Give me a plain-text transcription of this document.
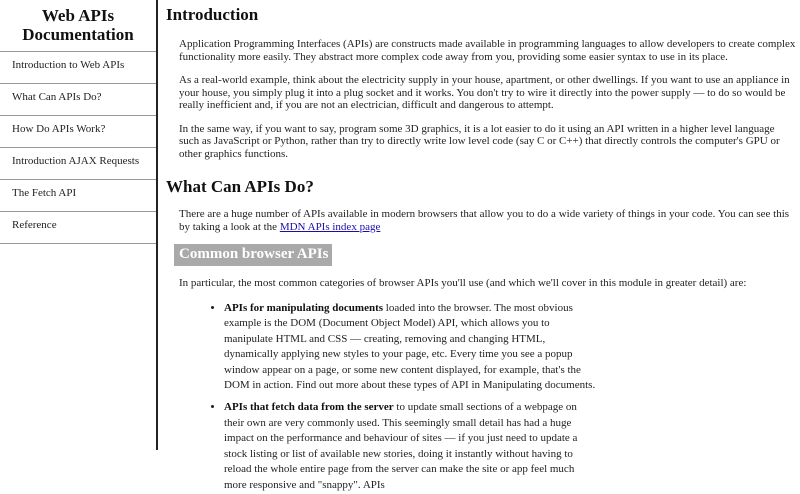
Web APIs
Documentation
Introduction to Web APIs
What Can APIs Do?
How Do APIs Work?
Introduction AJAX Requests
The Fetch API
Reference
Introduction

Application Programming Interfaces (APIs) are constructs made available in programming languages to allow developers to create complex functionality more easily. They abstract more complex code away from you, providing some easier syntax to use in its place.

As a real-world example, think about the electricity supply in your house, apartment, or other dwellings. If you want to use an appliance in your house, you simply plug it into a plug socket and it works. You don't try to wire it directly into the power supply — to do so would be really inefficient and, if you are not an electrician, difficult and dangerous to attempt.

In the same way, if you want to say, program some 3D graphics, it is a lot easier to do it using an API written in a higher level language such as JavaScript or Python, rather than try to directly write low level code (say C or C++) that directly controls the computer's GPU or other graphics functions.

What Can APIs Do?

There are a huge number of APIs available in modern browsers that allow you to do a wide variety of things in your code. You can see this by taking a look at the MDN APIs index page

Common browser APIs

In particular, the most common categories of browser APIs you'll use (and which we'll cover in this module in greater detail) are:

• APIs for manipulating documents loaded into the browser. The most obvious example is the DOM (Document Object Model) API, which allows you to manipulate HTML and CSS — creating, removing and changing HTML, dynamically applying new styles to your page, etc. Every time you see a popup window appear on a page, or some new content displayed, for example, that's the DOM in action. Find out more about these types of API in Manipulating documents.
• APIs that fetch data from the server to update small sections of a webpage on their own are very commonly used. This seemingly small detail has had a huge impact on the performance and behaviour of sites — if you just need to update a stock listing or list of available new stories, doing it instantly without having to reload the whole entire page from the server can make the site or app feel much more responsive and "snappy". APIs
